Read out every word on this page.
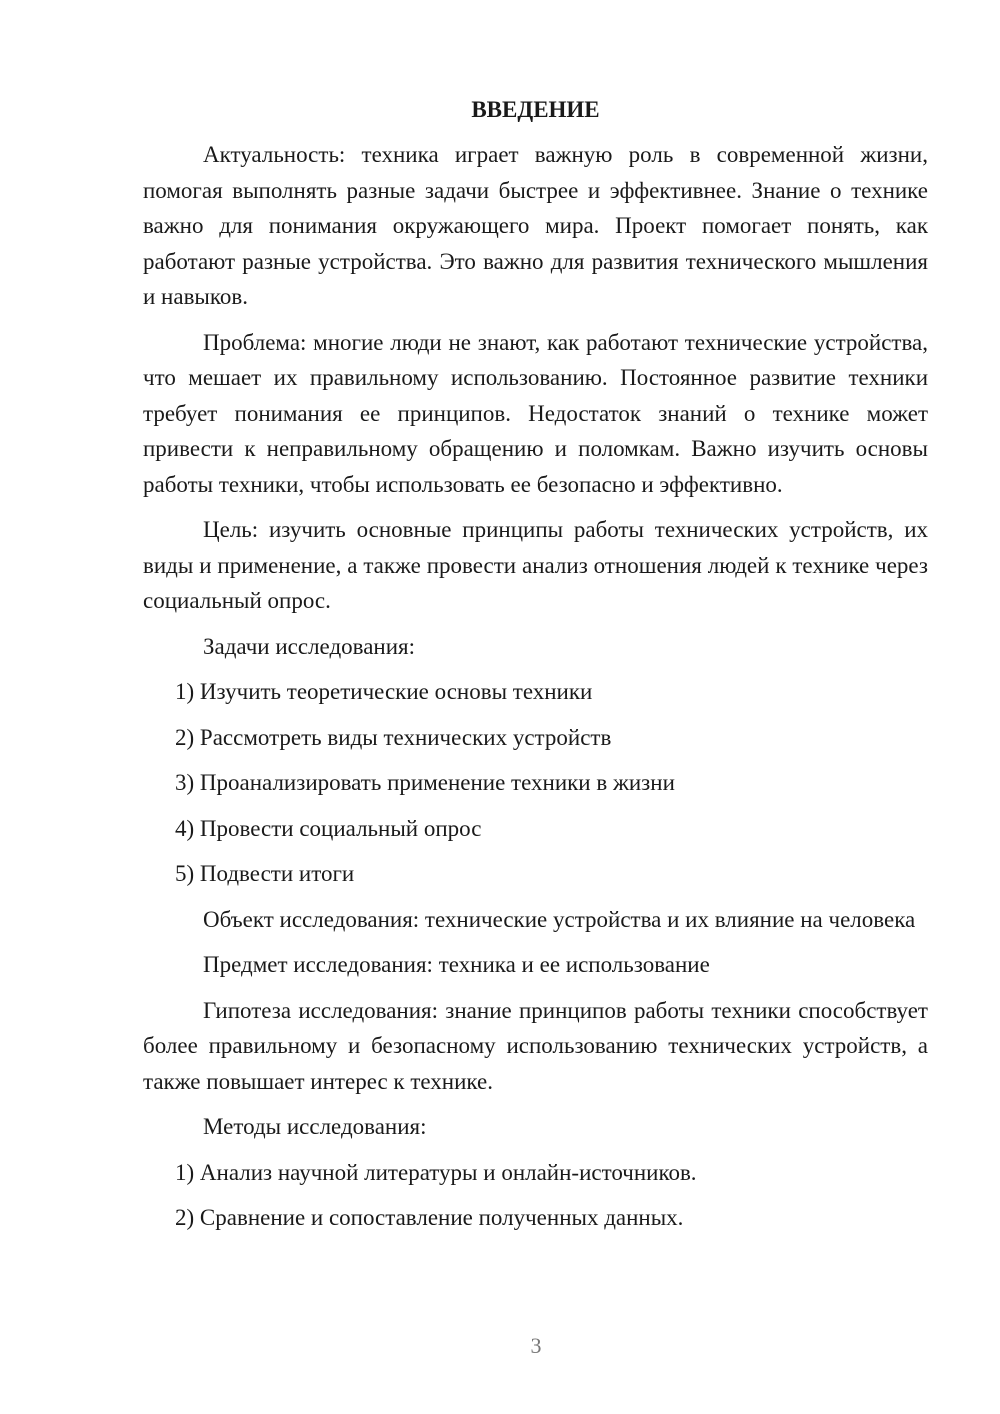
ВВЕДЕНИЕ
Актуальность: техника играет важную роль в современной жизни, помогая выполнять разные задачи быстрее и эффективнее. Знание о технике важно для понимания окружающего мира. Проект помогает понять, как работают разные устройства. Это важно для развития технического мышления и навыков.
Проблема: многие люди не знают, как работают технические устройства, что мешает их правильному использованию. Постоянное развитие техники требует понимания ее принципов. Недостаток знаний о технике может привести к неправильному обращению и поломкам. Важно изучить основы работы техники, чтобы использовать ее безопасно и эффективно.
Цель: изучить основные принципы работы технических устройств, их виды и применение, а также провести анализ отношения людей к технике через социальный опрос.
Задачи исследования:
1) Изучить теоретические основы техники
2) Рассмотреть виды технических устройств
3) Проанализировать применение техники в жизни
4) Провести социальный опрос
5) Подвести итоги
Объект исследования: технические устройства и их влияние на человека
Предмет исследования: техника и ее использование
Гипотеза исследования: знание принципов работы техники способствует более правильному и безопасному использованию технических устройств, а также повышает интерес к технике.
Методы исследования:
1) Анализ научной литературы и онлайн-источников.
2) Сравнение и сопоставление полученных данных.
3
